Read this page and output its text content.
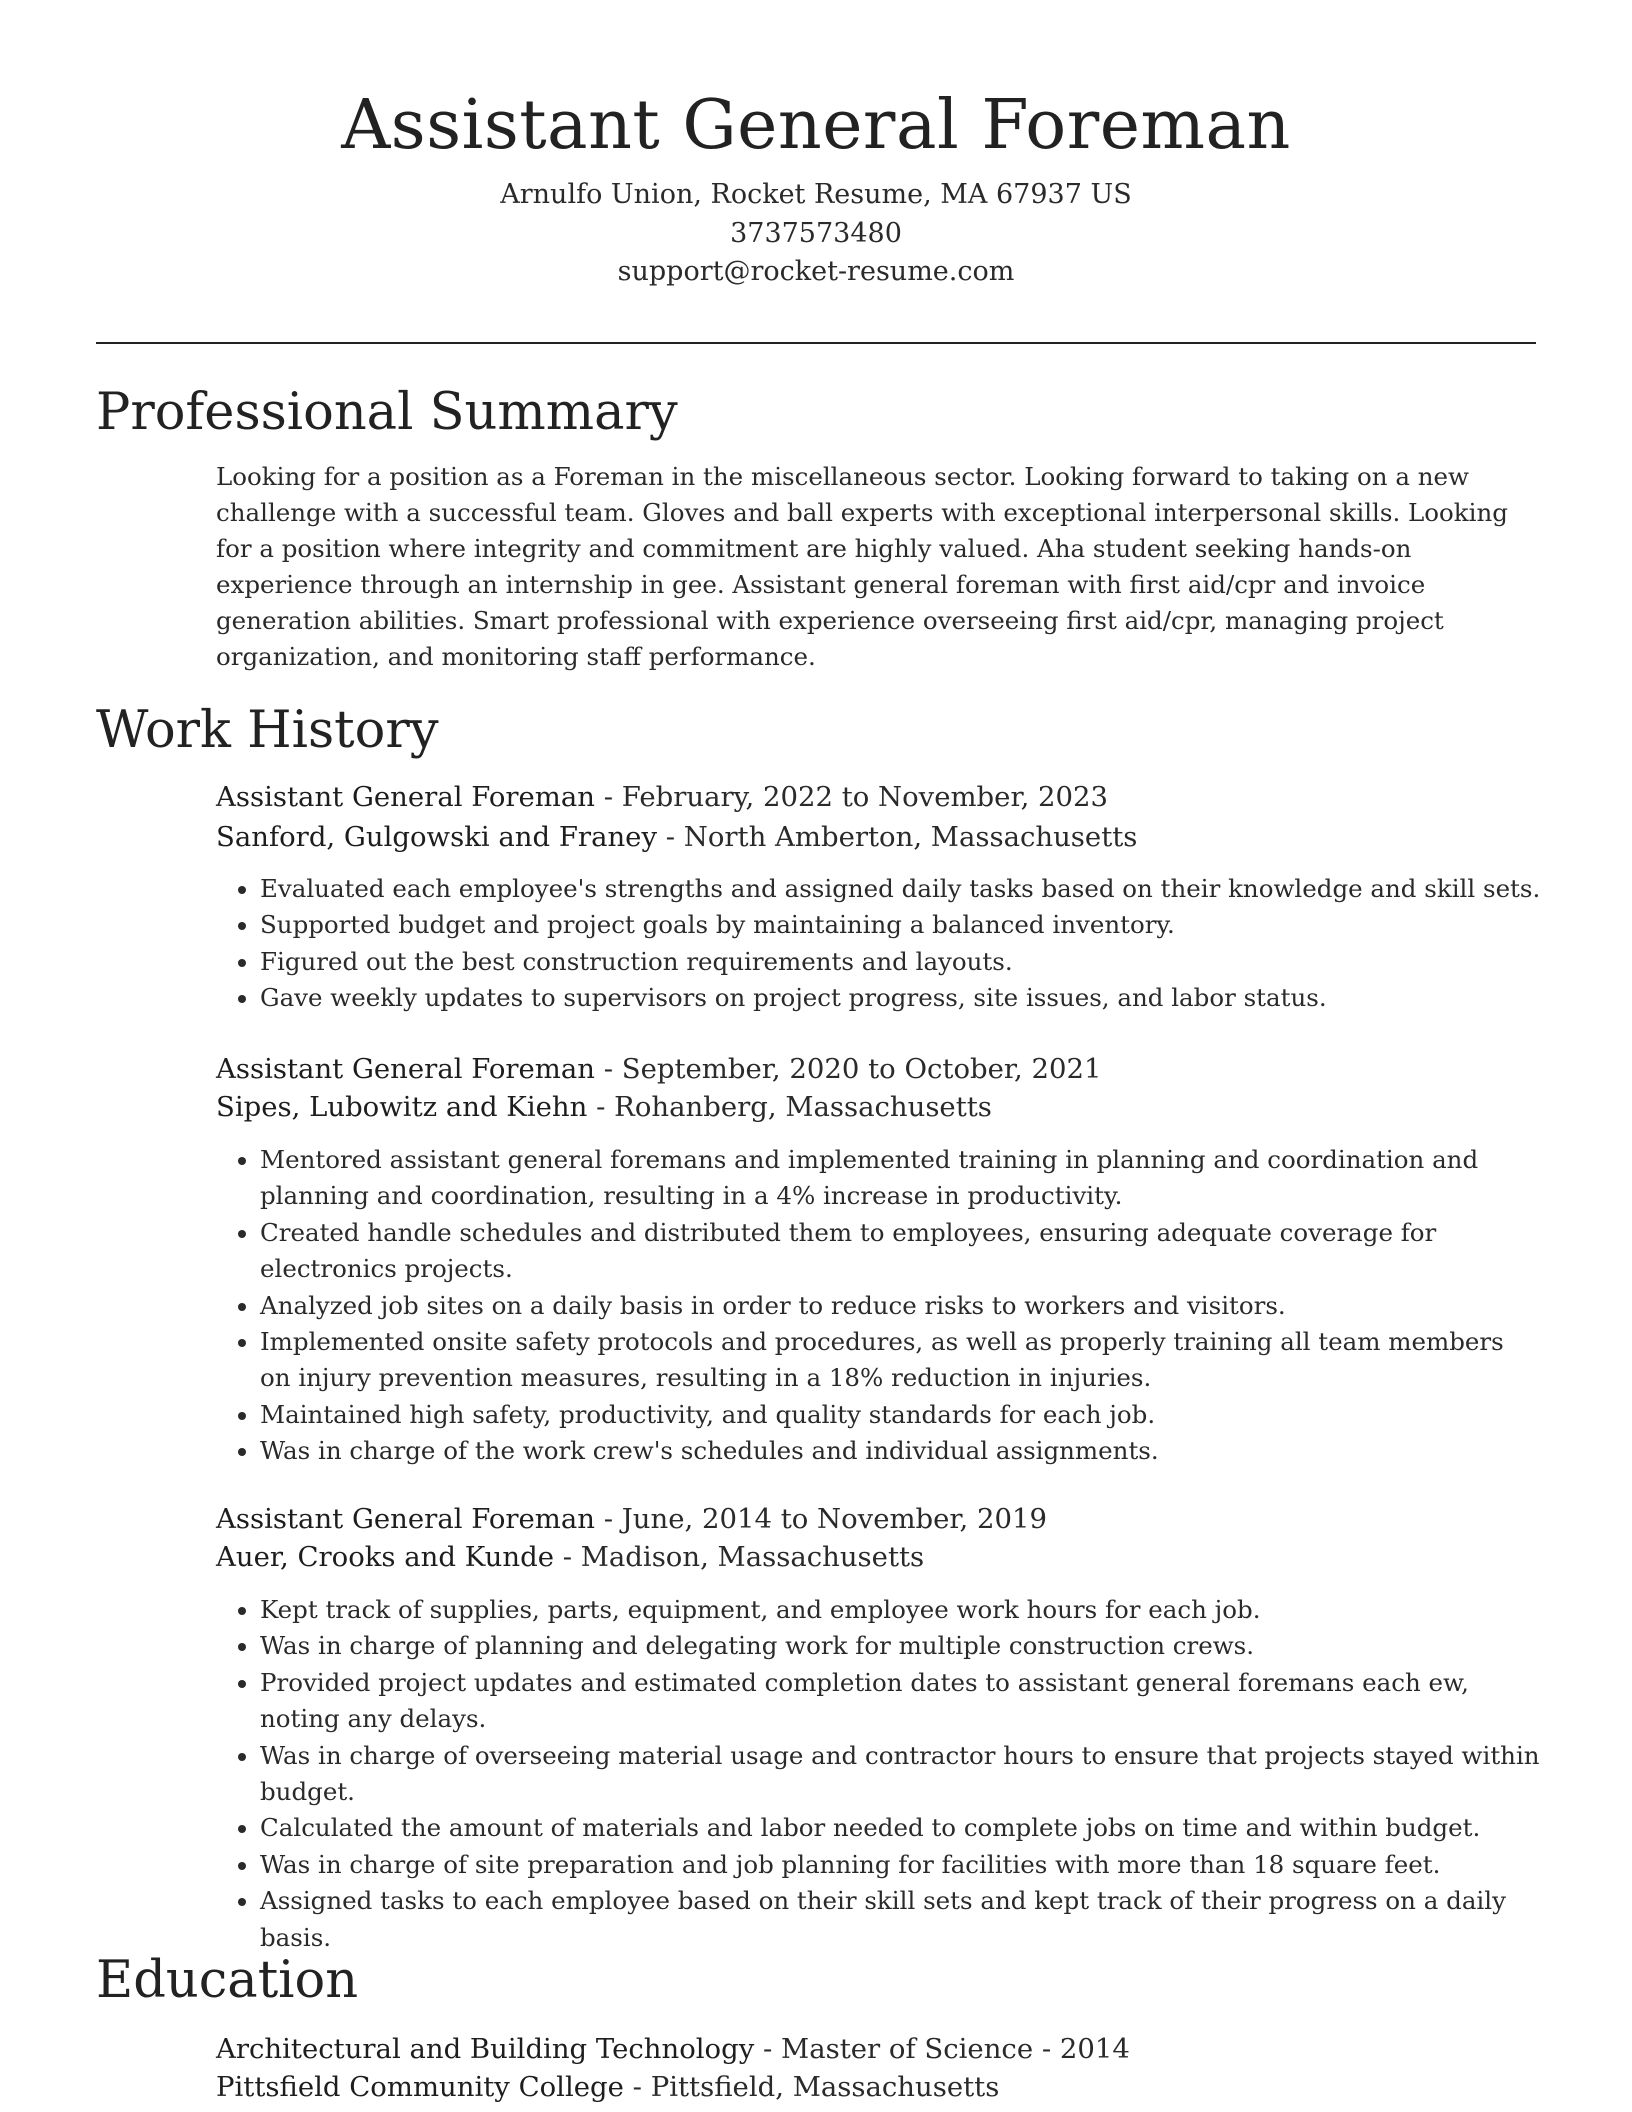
Assistant General Foreman
Arnulfo Union, Rocket Resume, MA 67937 US
3737573480
support@rocket-resume.com
Professional Summary

Looking for a position as a Foreman in the miscellaneous sector. Looking forward to taking on a new challenge with a successful team. Gloves and ball experts with exceptional interpersonal skills. Looking for a position where integrity and commitment are highly valued. Aha student seeking hands-on experience through an internship in gee. Assistant general foreman with first aid/cpr and invoice generation abilities. Smart professional with experience overseeing first aid/cpr, managing project organization, and monitoring staff performance.

Work History
Assistant General Foreman - February, 2022 to November, 2023
Sanford, Gulgowski and Franey - North Amberton, Massachusetts
• Evaluated each employee's strengths and assigned daily tasks based on their knowledge and skill sets.
• Supported budget and project goals by maintaining a balanced inventory.
• Figured out the best construction requirements and layouts.
• Gave weekly updates to supervisors on project progress, site issues, and labor status.
Assistant General Foreman - September, 2020 to October, 2021
Sipes, Lubowitz and Kiehn - Rohanberg, Massachusetts
• Mentored assistant general foremans and implemented training in planning and coordination and planning and coordination, resulting in a 4% increase in productivity.
• Created handle schedules and distributed them to employees, ensuring adequate coverage for electronics projects.
• Analyzed job sites on a daily basis in order to reduce risks to workers and visitors.
• Implemented onsite safety protocols and procedures, as well as properly training all team members on injury prevention measures, resulting in a 18% reduction in injuries.
• Maintained high safety, productivity, and quality standards for each job.
• Was in charge of the work crew's schedules and individual assignments.
Assistant General Foreman - June, 2014 to November, 2019
Auer, Crooks and Kunde - Madison, Massachusetts
• Kept track of supplies, parts, equipment, and employee work hours for each job.
• Was in charge of planning and delegating work for multiple construction crews.
• Provided project updates and estimated completion dates to assistant general foremans each ew, noting any delays.
• Was in charge of overseeing material usage and contractor hours to ensure that projects stayed within budget.
• Calculated the amount of materials and labor needed to complete jobs on time and within budget.
• Was in charge of site preparation and job planning for facilities with more than 18 square feet.
• Assigned tasks to each employee based on their skill sets and kept track of their progress on a daily basis.
Education
Architectural and Building Technology - Master of Science - 2014
Pittsfield Community College - Pittsfield, Massachusetts
